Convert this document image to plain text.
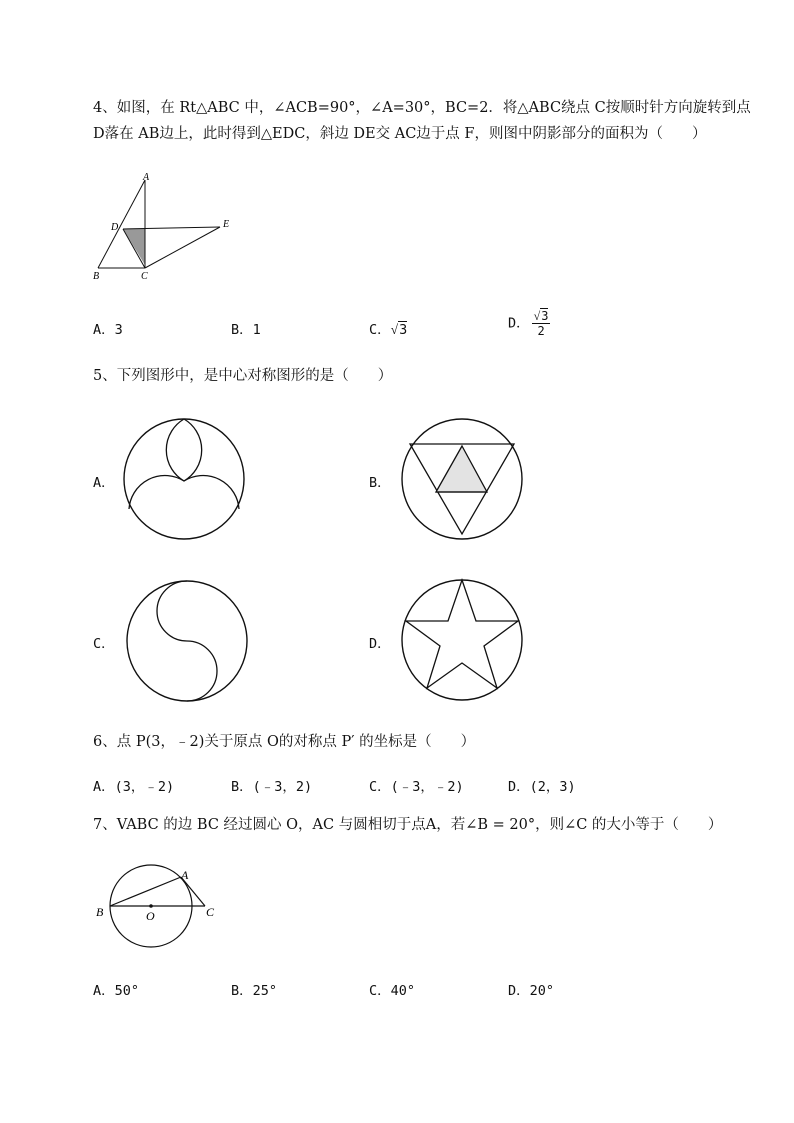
4、如图，在 Rt△ABC 中，∠ACB=90°，∠A=30°，BC=2．将△ABC绕点 C按顺时针方向旋转到点
D落在 AB边上，此时得到△EDC，斜边 DE交 AC边于点 F，则图中阴影部分的面积为（　　）
A
D	E
B	C
A．3	B．1	C．√3	D． $\frac{√3}{2}$
5、下列图形中，是中心对称图形的是（　　）
A．	B．
C．	D．
6、点 P(3，﹣2)关于原点 O的对称点 P′ 的坐标是（　　）
A．(3，﹣2)	B．(﹣3，2)	C．(﹣3，﹣2)	D．(2，3)
7、VABC 的边 BC 经过圆心 O，AC 与圆相切于点A，若∠B = 20°，则∠C 的大小等于（　　）
A
B	O	C
A．50°	B．25°	C．40°	D．20°
